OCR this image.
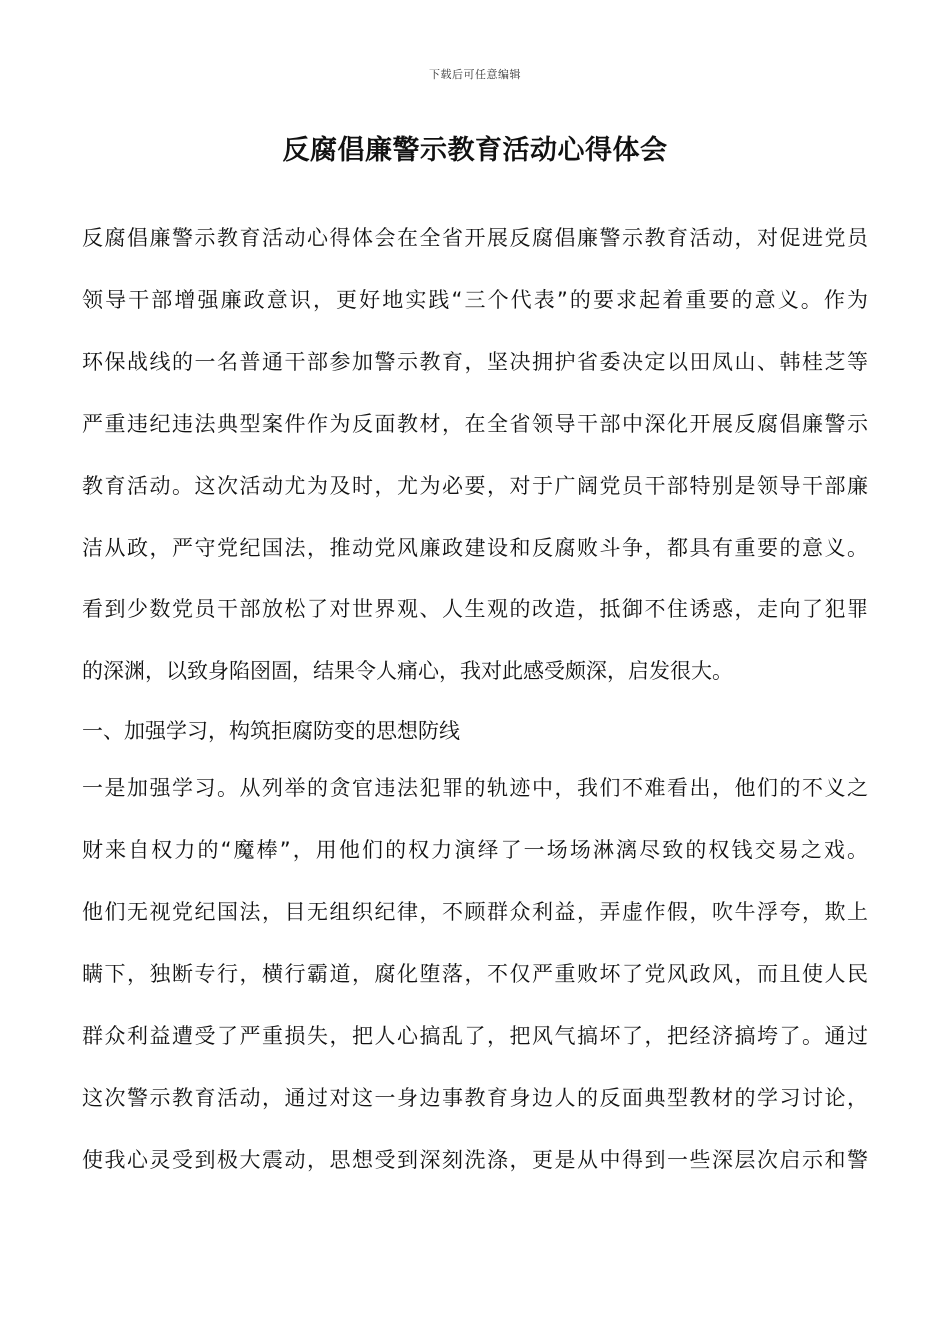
下载后可任意编辑
反腐倡廉警示教育活动心得体会
反腐倡廉警示教育活动心得体会在全省开展反腐倡廉警示教育活动，对促进党员
领导干部增强廉政意识，更好地实践“三个代表”的要求起着重要的意义。作为
环保战线的一名普通干部参加警示教育，坚决拥护省委决定以田凤山、韩桂芝等
严重违纪违法典型案件作为反面教材，在全省领导干部中深化开展反腐倡廉警示
教育活动。这次活动尤为及时，尤为必要，对于广阔党员干部特别是领导干部廉
洁从政，严守党纪国法，推动党风廉政建设和反腐败斗争，都具有重要的意义。
看到少数党员干部放松了对世界观、人生观的改造，抵御不住诱惑，走向了犯罪
的深渊，以致身陷囹圄，结果令人痛心，我对此感受颇深，启发很大。
一、加强学习，构筑拒腐防变的思想防线
一是加强学习。从列举的贪官违法犯罪的轨迹中，我们不难看出，他们的不义之
财来自权力的“魔棒”，用他们的权力演绎了一场场淋漓尽致的权钱交易之戏。
他们无视党纪国法，目无组织纪律，不顾群众利益，弄虚作假，吹牛浮夸，欺上
瞒下，独断专行，横行霸道，腐化堕落，不仅严重败坏了党风政风，而且使人民
群众利益遭受了严重损失，把人心搞乱了，把风气搞坏了，把经济搞垮了。通过
这次警示教育活动，通过对这一身边事教育身边人的反面典型教材的学习讨论，
使我心灵受到极大震动，思想受到深刻洗涤，更是从中得到一些深层次启示和警
